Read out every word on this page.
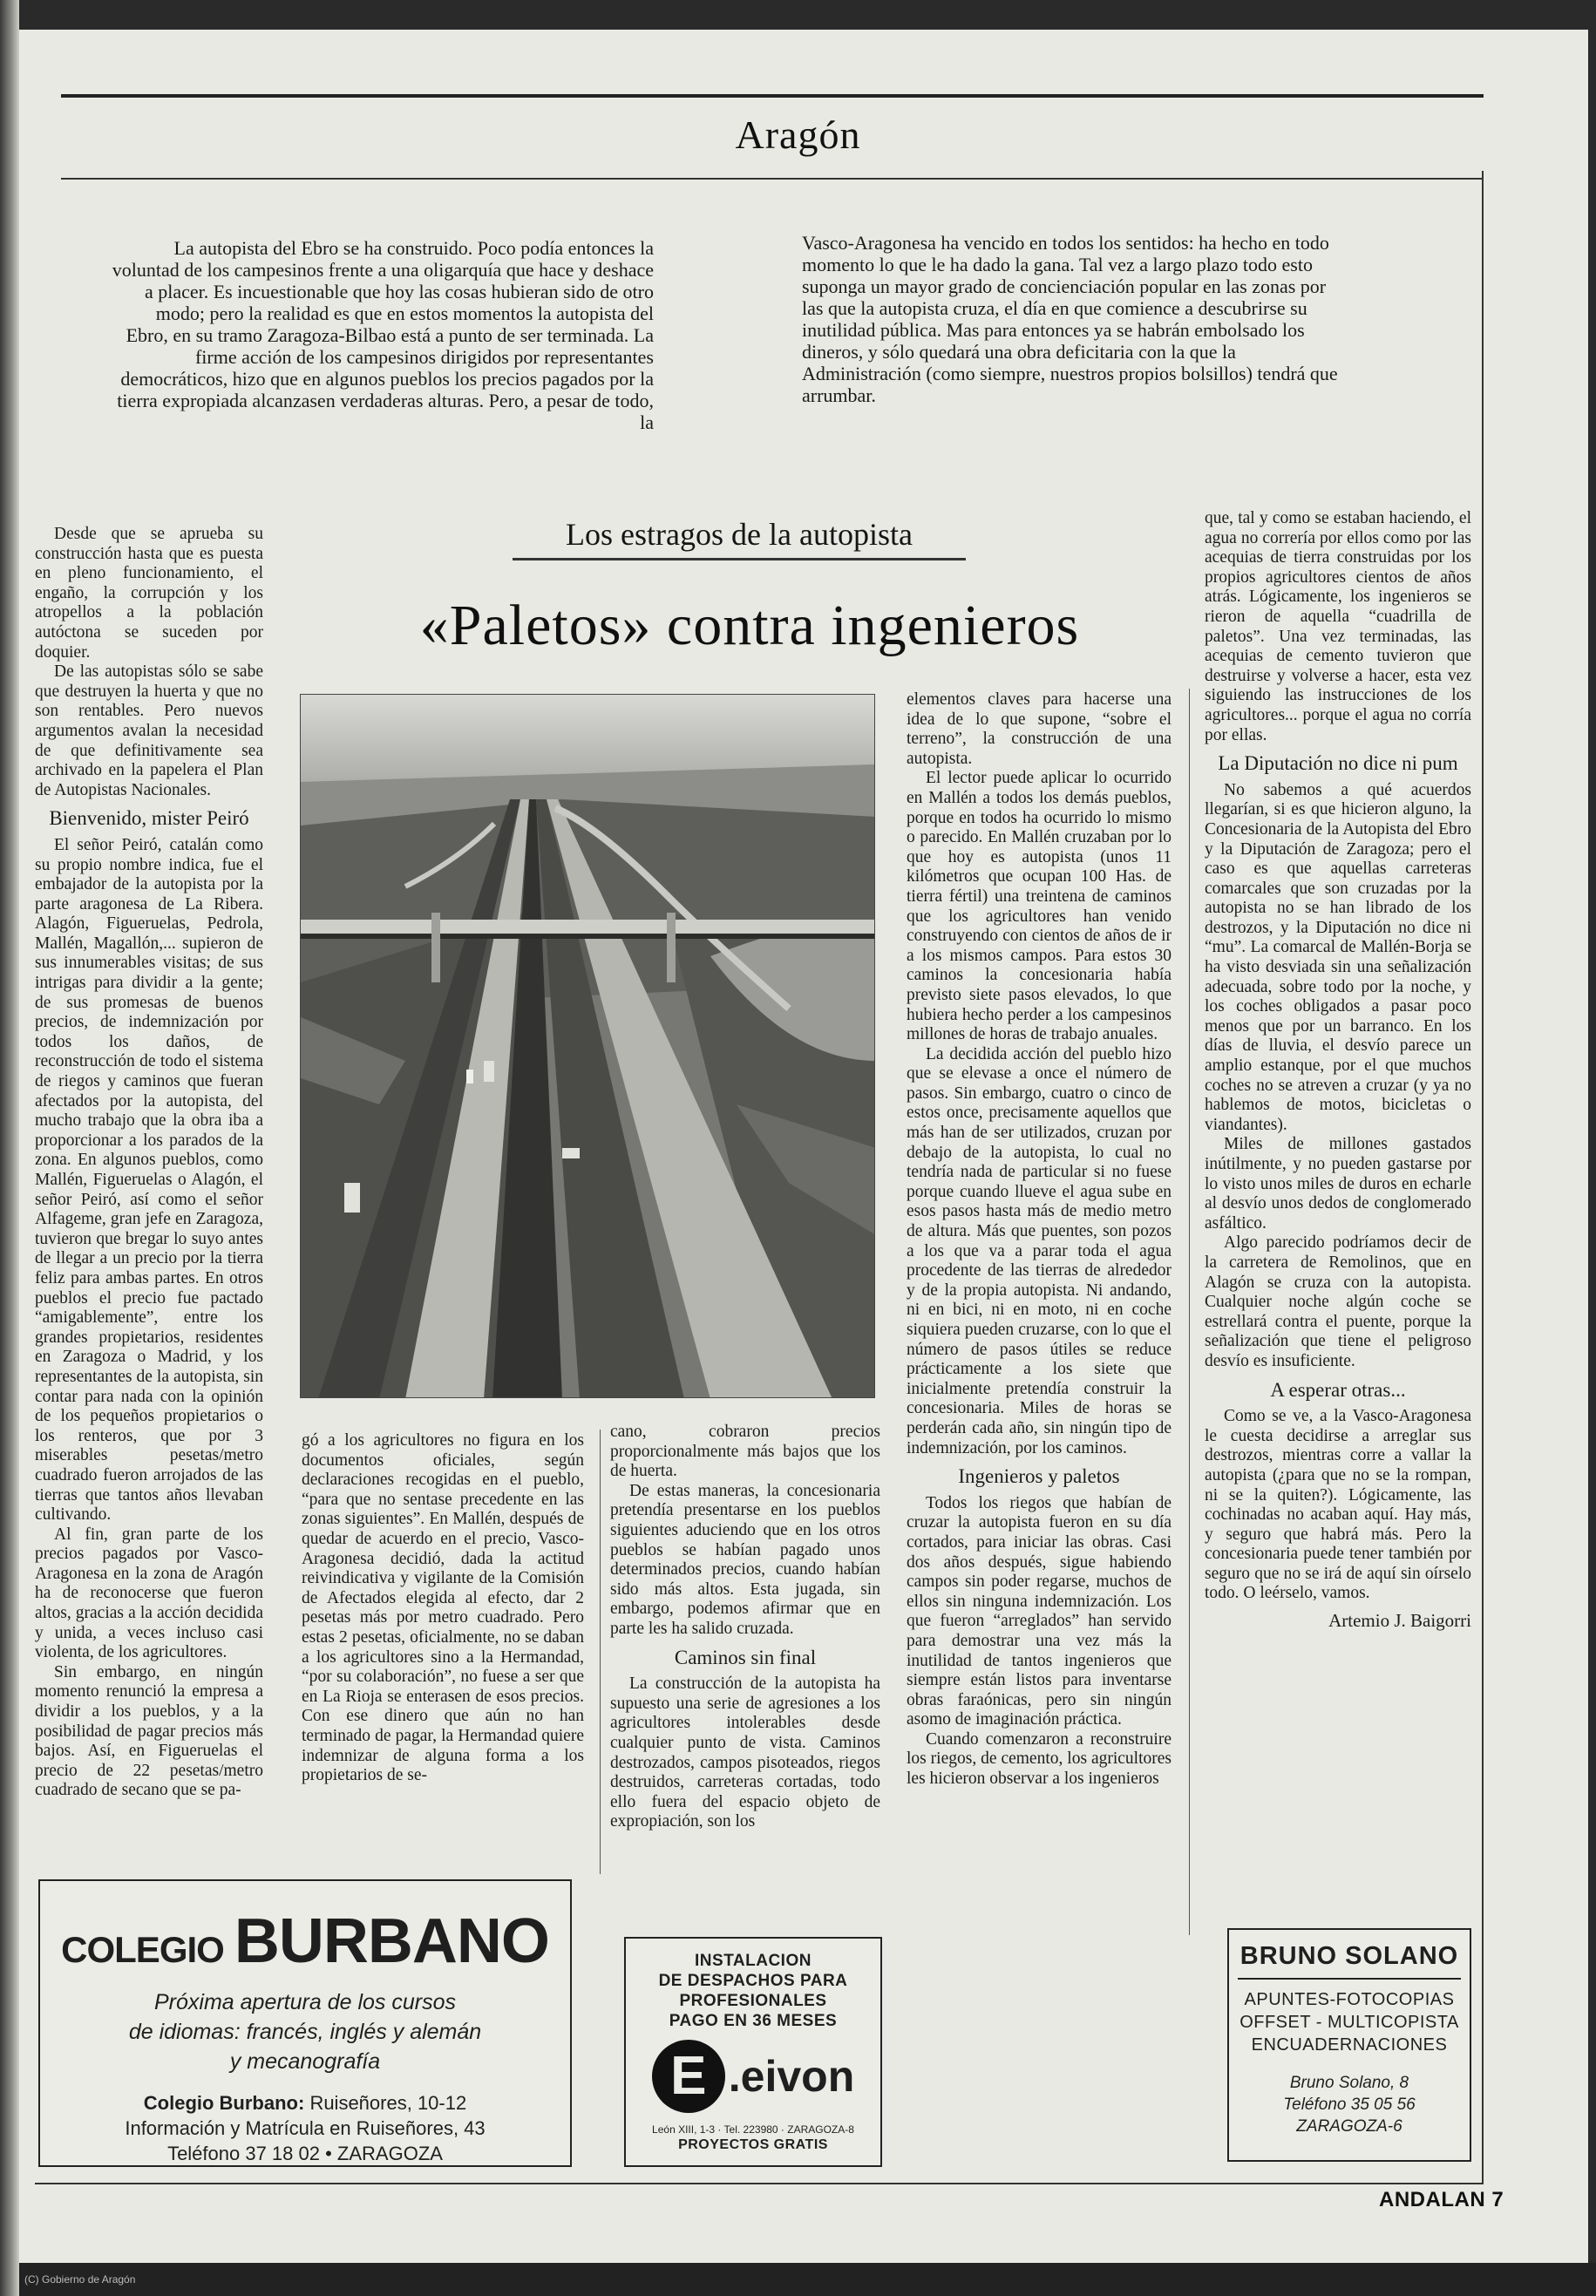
Aragón
La autopista del Ebro se ha construido. Poco podía entonces la voluntad de los campesinos frente a una oligarquía que hace y deshace a placer. Es incuestionable que hoy las cosas hubieran sido de otro modo; pero la realidad es que en estos momentos la autopista del Ebro, en su tramo Zaragoza-Bilbao está a punto de ser terminada. La firme acción de los campesinos dirigidos por representantes democráticos, hizo que en algunos pueblos los precios pagados por la tierra expropiada alcanzasen verdaderas alturas. Pero, a pesar de todo, la
Vasco-Aragonesa ha vencido en todos los sentidos: ha hecho en todo momento lo que le ha dado la gana. Tal vez a largo plazo todo esto suponga un mayor grado de concienciación popular en las zonas por las que la autopista cruza, el día en que comience a descubrirse su inutilidad pública. Mas para entonces ya se habrán embolsado los dineros, y sólo quedará una obra deficitaria con la que la Administración (como siempre, nuestros propios bolsillos) tendrá que arrumbar.
Los estragos de la autopista
«Paletos» contra ingenieros

Desde que se aprueba su construcción hasta que es puesta en pleno funcionamiento, el engaño, la corrupción y los atropellos a la población autóctona se suceden por doquier.

De las autopistas sólo se sabe que destruyen la huerta y que no son rentables. Pero nuevos argumentos avalan la necesidad de que definitivamente sea archivado en la papelera el Plan de Autopistas Nacionales.

Bienvenido, mister Peiró

El señor Peiró, catalán como su propio nombre indica, fue el embajador de la autopista por la parte aragonesa de La Ribera. Alagón, Figueruelas, Pedrola, Mallén, Magallón,... supieron de sus innumerables visitas; de sus intrigas para dividir a la gente; de sus promesas de buenos precios, de indemnización por todos los daños, de reconstrucción de todo el sistema de riegos y caminos que fueran afectados por la autopista, del mucho trabajo que la obra iba a proporcionar a los parados de la zona. En algunos pueblos, como Mallén, Figueruelas o Alagón, el señor Peiró, así como el señor Alfageme, gran jefe en Zaragoza, tuvieron que bregar lo suyo antes de llegar a un precio por la tierra feliz para ambas partes. En otros pueblos el precio fue pactado “amigablemente”, entre los grandes propietarios, residentes en Zaragoza o Madrid, y los representantes de la autopista, sin contar para nada con la opinión de los pequeños propietarios o los renteros, que por 3 miserables pesetas/metro cuadrado fueron arrojados de las tierras que tantos años llevaban cultivando.

Al fin, gran parte de los precios pagados por Vasco-Aragonesa en la zona de Aragón ha de reconocerse que fueron altos, gracias a la acción decidida y unida, a veces incluso casi violenta, de los agricultores.

Sin embargo, en ningún momento renunció la empresa a dividir a los pueblos, y a la posibilidad de pagar precios más bajos. Así, en Figueruelas el precio de 22 pesetas/metro cuadrado de secano que se pa-

gó a los agricultores no figura en los documentos oficiales, según declaraciones recogidas en el pueblo, “para que no sentase precedente en las zonas siguientes”. En Mallén, después de quedar de acuerdo en el precio, Vasco-Aragonesa decidió, dada la actitud reivindicativa y vigilante de la Comisión de Afectados elegida al efecto, dar 2 pesetas más por metro cuadrado. Pero estas 2 pesetas, oficialmente, no se daban a los agricultores sino a la Hermandad, “por su colaboración”, no fuese a ser que en La Rioja se enterasen de esos precios. Con ese dinero que aún no han terminado de pagar, la Hermandad quiere indemnizar de alguna forma a los propietarios de se-

cano, cobraron precios proporcionalmente más bajos que los de huerta.

De estas maneras, la concesionaria pretendía presentarse en los pueblos siguientes aduciendo que en los otros pueblos se habían pagado unos determinados precios, cuando habían sido más altos. Esta jugada, sin embargo, podemos afirmar que en parte les ha salido cruzada.

Caminos sin final

La construcción de la autopista ha supuesto una serie de agresiones a los agricultores intolerables desde cualquier punto de vista. Caminos destrozados, campos pisoteados, riegos destruidos, carreteras cortadas, todo ello fuera del espacio objeto de expropiación, son los

elementos claves para hacerse una idea de lo que supone, “sobre el terreno”, la construcción de una autopista.

El lector puede aplicar lo ocurrido en Mallén a todos los demás pueblos, porque en todos ha ocurrido lo mismo o parecido. En Mallén cruzaban por lo que hoy es autopista (unos 11 kilómetros que ocupan 100 Has. de tierra fértil) una treintena de caminos que los agricultores han venido construyendo con cientos de años de ir a los mismos campos. Para estos 30 caminos la concesionaria había previsto siete pasos elevados, lo que hubiera hecho perder a los campesinos millones de horas de trabajo anuales.

La decidida acción del pueblo hizo que se elevase a once el número de pasos. Sin embargo, cuatro o cinco de estos once, precisamente aquellos que más han de ser utilizados, cruzan por debajo de la autopista, lo cual no tendría nada de particular si no fuese porque cuando llueve el agua sube en esos pasos hasta más de medio metro de altura. Más que puentes, son pozos a los que va a parar toda el agua procedente de las tierras de alrededor y de la propia autopista. Ni andando, ni en bici, ni en moto, ni en coche siquiera pueden cruzarse, con lo que el número de pasos útiles se reduce prácticamente a los siete que inicialmente pretendía construir la concesionaria. Miles de horas se perderán cada año, sin ningún tipo de indemnización, por los caminos.

Ingenieros y paletos

Todos los riegos que habían de cruzar la autopista fueron en su día cortados, para iniciar las obras. Casi dos años después, sigue habiendo campos sin poder regarse, muchos de ellos sin ninguna indemnización. Los que fueron “arreglados” han servido para demostrar una vez más la inutilidad de tantos ingenieros que siempre están listos para inventarse obras faraónicas, pero sin ningún asomo de imaginación práctica.

Cuando comenzaron a reconstruire los riegos, de cemento, los agricultores les hicieron observar a los ingenieros

que, tal y como se estaban haciendo, el agua no correría por ellos como por las acequias de tierra construidas por los propios agricultores cientos de años atrás. Lógicamente, los ingenieros se rieron de aquella “cuadrilla de paletos”. Una vez terminadas, las acequias de cemento tuvieron que destruirse y volverse a hacer, esta vez siguiendo las instrucciones de los agricultores... porque el agua no corría por ellas.

La Diputación no dice ni pum

No sabemos a qué acuerdos llegarían, si es que hicieron alguno, la Concesionaria de la Autopista del Ebro y la Diputación de Zaragoza; pero el caso es que aquellas carreteras comarcales que son cruzadas por la autopista no se han librado de los destrozos, y la Diputación no dice ni “mu”. La comarcal de Mallén-Borja se ha visto desviada sin una señalización adecuada, sobre todo por la noche, y los coches obligados a pasar poco menos que por un barranco. En los días de lluvia, el desvío parece un amplio estanque, por el que muchos coches no se atreven a cruzar (y ya no hablemos de motos, bicicletas o viandantes).

Miles de millones gastados inútilmente, y no pueden gastarse por lo visto unos miles de duros en echarle al desvío unos dedos de conglomerado asfáltico.

Algo parecido podríamos decir de la carretera de Remolinos, que en Alagón se cruza con la autopista. Cualquier noche algún coche se estrellará contra el puente, porque la señalización que tiene el peligroso desvío es insuficiente.

A esperar otras...

Como se ve, a la Vasco-Aragonesa le cuesta decidirse a arreglar sus destrozos, mientras corre a vallar la autopista (¿para que no se la rompan, ni se la quiten?). Lógicamente, las cochinadas no acaban aquí. Hay más, y seguro que habrá más. Pero la concesionaria puede tener también por seguro que no se irá de aquí sin oírselo todo. O leérselo, vamos.

Artemio J. Baigorri

COLEGIO BURBANO
Próxima apertura de los cursos
de idiomas: francés, inglés y alemán
y mecanografía
Colegio Burbano: Ruiseñores, 10-12
Información y Matrícula en Ruiseñores, 43
Teléfono 37 18 02 • ZARAGOZA
INSTALACION
DE DESPACHOS PARA
PROFESIONALES
PAGO EN 36 MESES
E .eivon
León XIII, 1-3 · Tel. 223980 · ZARAGOZA-8
PROYECTOS GRATIS
BRUNO SOLANO
APUNTES-FOTOCOPIAS
OFFSET - MULTICOPISTA
ENCUADERNACIONES
Bruno Solano, 8
Teléfono 35 05 56
ZARAGOZA-6
ANDALAN 7
(C) Gobierno de Aragón
